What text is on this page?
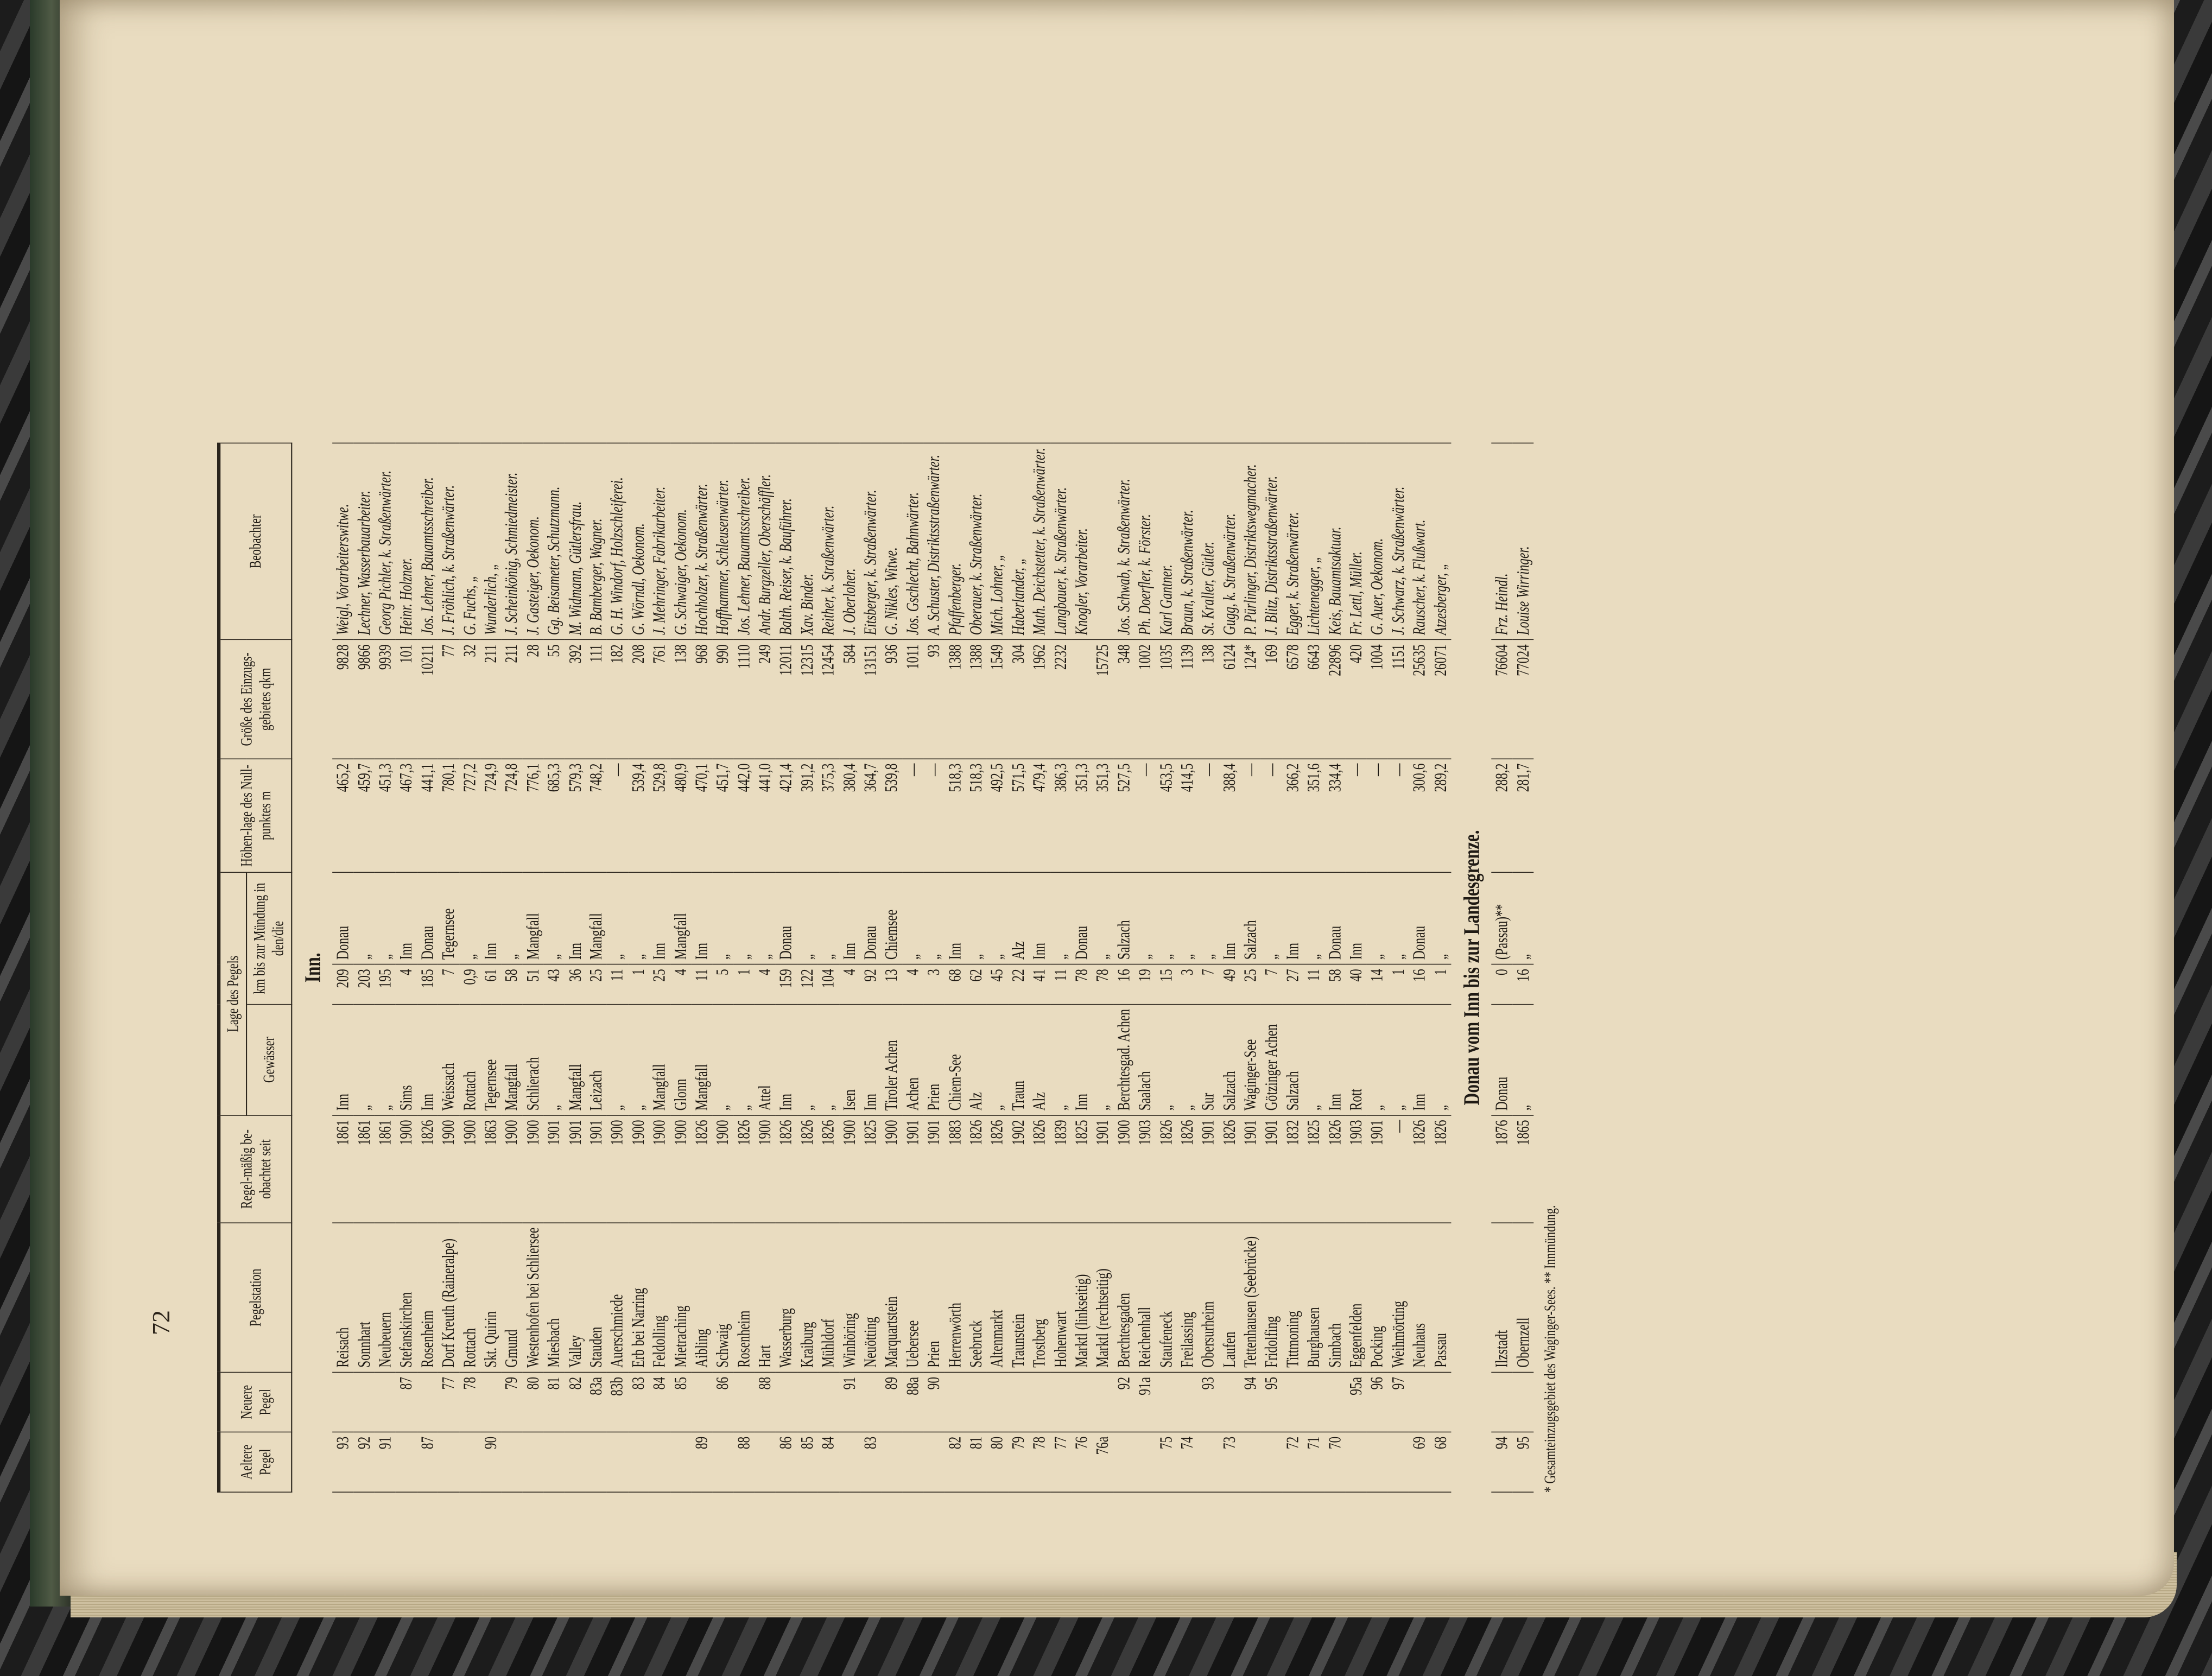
72
Aeltere Pegel	Neuere Pegel	Pegelstation	Regel-mäßig be-obachtet seit	Lage des Pegels			Höhen-lage des Null-punktes m	Größe des Einzugs-gebietes qkm	Beobachter
				Gewässer	km bis zur Mündung in den/die				
Inn.									
93		Reisach	1861	Inn	209	Donau	465,2	9828	Weigl, Vorarbeiterswitwe.
92		Sonnhart	1861	„	203	„	459,7	9866	Lechner, Wasserbauarbeiter.
91		Neubeuern	1861	„	195	„	451,3	9939	Georg Pichler, k. Straßenwärter.
	87	Stefanskirchen	1900	Sims	4	Inn	467,3	101	Heinr. Holzner.
87		Rosenheim	1826	Inn	185	Donau	441,1	10211	Jos. Lehner, Bauamtsschreiber.
	77	Dorf Kreuth (Raineralpe)	1900	Weissach	7	Tegernsee	780,1	77	J. Fröhlich, k. Straßenwärter.
	78	Rottach	1900	Rottach	0,9	„	727,2	32	G. Fuchs, „
90		Skt. Quirin	1863	Tegernsee	61	Inn	724,9	211	Wunderlich, „
	79	Gmund	1900	Mangfall	58	„	724,8	211	J. Scheinkönig, Schmiedmeister.
	80	Westenhofen bei Schliersee	1900	Schlierach	51	Mangfall	776,1	28	J. Gasteiger, Oekonom.
	81	Miesbach	1901	„	43	„	685,3	55	Gg. Beisameter, Schutzmann.
	82	Valley	1901	Mangfall	36	Inn	579,3	392	M. Widmann, Gütlersfrau.
	83a	Stauden	1901	Leizach	25	Mangfall	748,2	111	B. Bamberger, Wagner.
	83b	Auerschmiede	1900	„	11	„	—	182	G. H. Windorf, Holzschleiferei.
	83	Erb bei Narring	1900	„	1	„	539,4	208	G. Wörndl, Oekonom.
	84	Feldolling	1900	Mangfall	25	Inn	529,8	761	J. Mehringer, Fabrikarbeiter.
	85	Mietraching	1900	Glonn	4	Mangfall	480,9	138	G. Schwaiger, Oekonom.
89		Aibling	1826	Mangfall	11	Inn	470,1	968	Hochholzer, k. Straßenwärter.
	86	Schwaig	1900	„	5	„	451,7	990	Hoffhammer, Schleusenwärter.
88		Rosenheim	1826	„	1	„	442,0	1110	Jos. Lehner, Bauamtsschreiber.
	88	Hart	1900	Attel	4	„	441,0	249	Andr. Burgzeller, Oberschäffler.
86		Wasserburg	1826	Inn	159	Donau	421,4	12011	Balth. Reiser, k. Bauführer.
85		Kraiburg	1826	„	122	„	391,2	12315	Xav. Binder.
84		Mühldorf	1826	„	104	„	375,3	12454	Reither, k. Straßenwärter.
	91	Winhöring	1900	Isen	4	Inn	380,4	584	J. Oberloher.
83		Neuötting	1825	Inn	92	Donau	364,7	13151	Eitsberger, k. Straßenwärter.
	89	Marquartstein	1900	Tiroler Achen	13	Chiemsee	539,8	936	G. Nikles, Witwe.
	88a	Uebersee	1901	Achen	4	„	—	1011	Jos. Gschlecht, Bahnwärter.
	90	Prien	1901	Prien	3	„	—	93	A. Schuster, Distriktsstraßenwärter.
82		Herrenwörth	1883	Chiem-See	68	Inn	518,3	1388	Pfaffenberger.
81		Seebruck	1826	Alz	62	„	518,3	1388	Oberauer, k. Straßenwärter.
80		Altenmarkt	1826	„	45	„	492,5	1549	Mich. Lohner, „
79		Traunstein	1902	Traun	22	Alz	571,5	304	Haberlander, „
78		Trostberg	1826	Alz	41	Inn	479,4	1962	Math. Deichstetter, k. Straßenwärter.
77		Hohenwart	1839	„	11	„	386,3	2232	Langbauer, k. Straßenwärter.
76		Marktl (linkseitig)	1825	Inn	78	Donau	351,3		Knogler, Vorarbeiter.
76a		Marktl (rechtseitig)	1901	„	78	„	351,3	15725	
	92	Berchtesgaden	1900	Berchtesgad. Achen	16	Salzach	527,5	348	Jos. Schwab, k. Straßenwärter.
	91a	Reichenhall	1903	Saalach	19	„	—	1002	Ph. Doerfler, k. Förster.
75		Staufeneck	1826	„	15	„	453,5	1035	Karl Gantner.
74		Freilassing	1826	„	3	„	414,5	1139	Braun, k. Straßenwärter.
	93	Obersurheim	1901	Sur	7	„	—	138	St. Kraller, Gütler.
73		Laufen	1826	Salzach	49	Inn	388,4	6124	Gugg, k. Straßenwärter.
	94	Tettenhausen (Seebrücke)	1901	Waginger-See	25	Salzach	—	124*	P. Pürlinger, Distriktswegmacher.
	95	Fridolfing	1901	Götzinger Achen	7	„	—	169	J. Blitz, Distriktsstraßenwärter.
72		Tittmoning	1832	Salzach	27	Inn	366,2	6578	Egger, k. Straßenwärter.
71		Burghausen	1825	„	11	„	351,6	6643	Lichtenegger, „
70		Simbach	1826	Inn	58	Donau	334,4	22896	Keis, Bauamtsaktuar.
	95a	Eggenfelden	1903	Rott	40	Inn	—	420	Fr. Lettl, Müller.
	96	Pocking	1901	„	14	„	—	1004	G. Auer, Oekonom.
	97	Weihmörting	—	„	1	„	—	1151	J. Schwarz, k. Straßenwärter.
69		Neuhaus	1826	Inn	16	Donau	300,6	25635	Rauscher, k. Flußwart.
68		Passau	1826	„	1	„	289,2	26071	Atzesberger, „
Donau vom Inn bis zur Landesgrenze.									
94		Ilzstadt	1876	Donau	0	(Passau)**	288,2	76604	Frz. Heindl.
95		Obernzell	1865	„	16	„	281,7	77024	Louise Wirringer.
* Gesamteinzugsgebiet des Waginger-Sees. ** Innmündung.
